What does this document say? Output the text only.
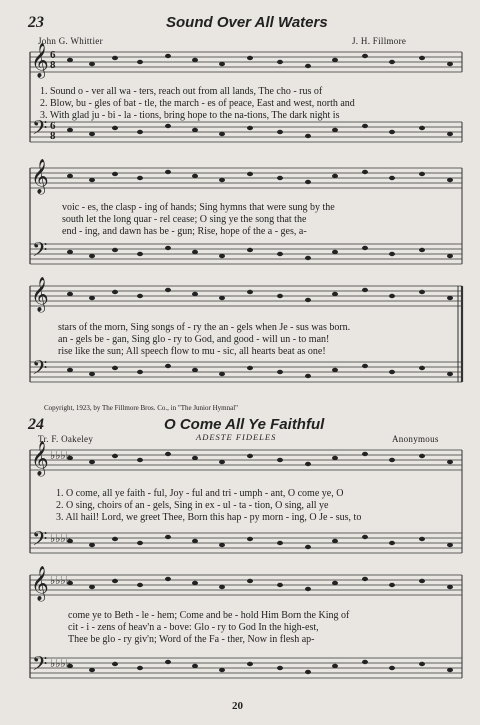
23	Sound Over All Waters
John G. Whittier	J. H. Fillmore
𝄞 6
8
𝄢 6
8
𝄞
𝄢
𝄞
𝄢
𝄞 ♭♭♭♭
𝄢 ♭♭♭♭
𝄞 ♭♭♭♭
𝄢 ♭♭♭♭
1. Sound o - ver all wa - ters, reach out from all lands, The cho - rus of
2. Blow, bu - gles of bat - tle, the march - es of peace, East and west, north and
3. With glad ju - bi - la - tions, bring hope to the na-tions, The dark night is
voic - es, the clasp - ing of hands; Sing hymns that were sung by the
south let the long quar - rel cease; O sing ye the song that the
end - ing, and dawn has be - gun; Rise, hope of the a - ges, a-
stars of the morn, Sing songs of - ry the an - gels when Je - sus was born.
an - gels be - gan, Sing glo - ry to God, and good - will un - to man!
rise like the sun; All speech flow to mu - sic, all hearts beat as one!
Copyright, 1923, by The Fillmore Bros. Co., in "The Junior Hymnal"
24	O Come All Ye Faithful
Tr. F. Oakeley	ADESTE FIDELES	Anonymous
1. O come, all ye faith - ful, Joy - ful and tri - umph - ant, O come ye, O
2. O sing, choirs of an - gels, Sing in ex - ul - ta - tion, O sing, all ye
3. All hail! Lord, we greet Thee, Born this hap - py morn - ing, O Je - sus, to
come ye to Beth - le - hem; Come and be - hold Him Born the King of
cit - i - zens of heav'n a - bove: Glo - ry to God In the high-est,
Thee be glo - ry giv'n; Word of the Fa - ther, Now in flesh ap-
20
